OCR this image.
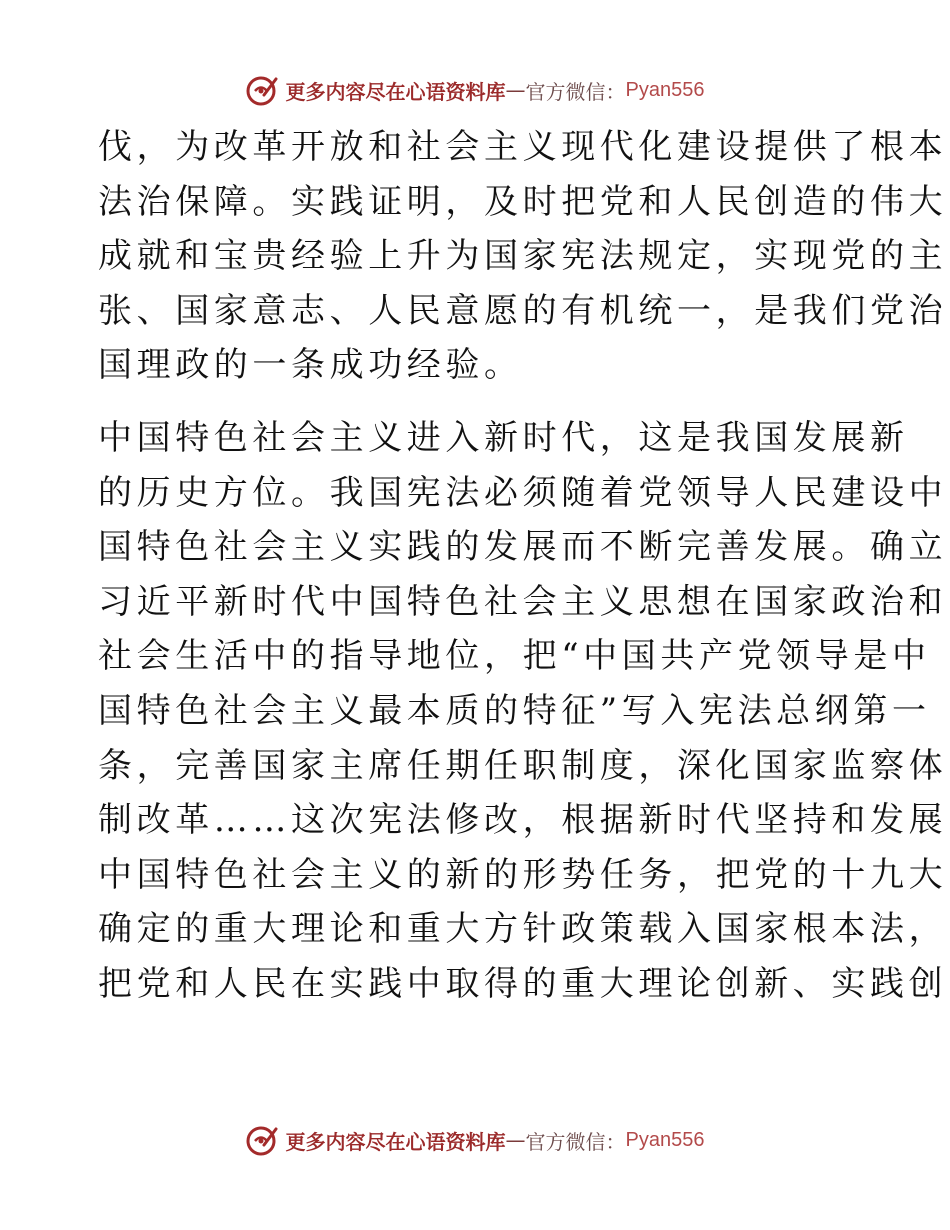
更多内容尽在心语资料库 — 官方微信： Pyan556

伐，为改革开放和社会主义现代化建设提供了根本
法治保障。实践证明，及时把党和人民创造的伟大
成就和宝贵经验上升为国家宪法规定，实现党的主
张、国家意志、人民意愿的有机统一，是我们党治
国理政的一条成功经验。

中国特色社会主义进入新时代，这是我国发展新
的历史方位。我国宪法必须随着党领导人民建设中
国特色社会主义实践的发展而不断完善发展。确立
习近平新时代中国特色社会主义思想在国家政治和
社会生活中的指导地位，把“中国共产党领导是中
国特色社会主义最本质的特征”写入宪法总纲第一
条，完善国家主席任期任职制度，深化国家监察体
制改革……这次宪法修改，根据新时代坚持和发展
中国特色社会主义的新的形势任务，把党的十九大
确定的重大理论和重大方针政策载入国家根本法，
把党和人民在实践中取得的重大理论创新、实践创

更多内容尽在心语资料库 — 官方微信： Pyan556
